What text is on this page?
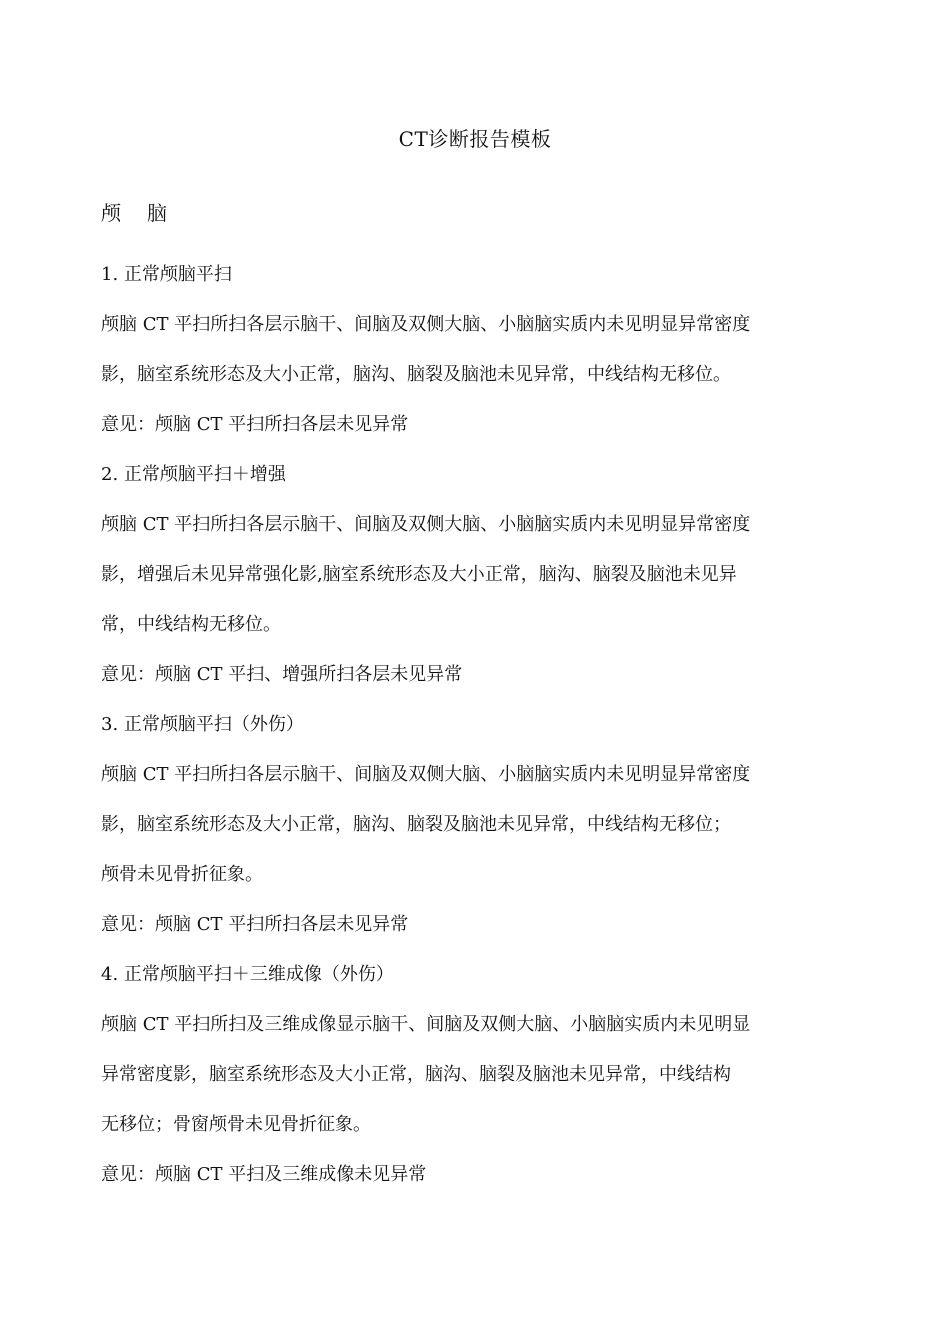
CT诊断报告模板
颅 脑
1. 正常颅脑平扫
颅脑 CT 平扫所扫各层示脑干、间脑及双侧大脑、小脑脑实质内未见明显异常密度
影，脑室系统形态及大小正常，脑沟、脑裂及脑池未见异常，中线结构无移位。
意见：颅脑 CT 平扫所扫各层未见异常
2. 正常颅脑平扫＋增强
颅脑 CT 平扫所扫各层示脑干、间脑及双侧大脑、小脑脑实质内未见明显异常密度
影，增强后未见异常强化影,脑室系统形态及大小正常，脑沟、脑裂及脑池未见异
常，中线结构无移位。
意见：颅脑 CT 平扫、增强所扫各层未见异常
3. 正常颅脑平扫（外伤）
颅脑 CT 平扫所扫各层示脑干、间脑及双侧大脑、小脑脑实质内未见明显异常密度
影，脑室系统形态及大小正常，脑沟、脑裂及脑池未见异常，中线结构无移位；
颅骨未见骨折征象。
意见：颅脑 CT 平扫所扫各层未见异常
4. 正常颅脑平扫＋三维成像（外伤）
颅脑 CT 平扫所扫及三维成像显示脑干、间脑及双侧大脑、小脑脑实质内未见明显
异常密度影，脑室系统形态及大小正常，脑沟、脑裂及脑池未见异常，中线结构
无移位；骨窗颅骨未见骨折征象。
意见：颅脑 CT 平扫及三维成像未见异常
